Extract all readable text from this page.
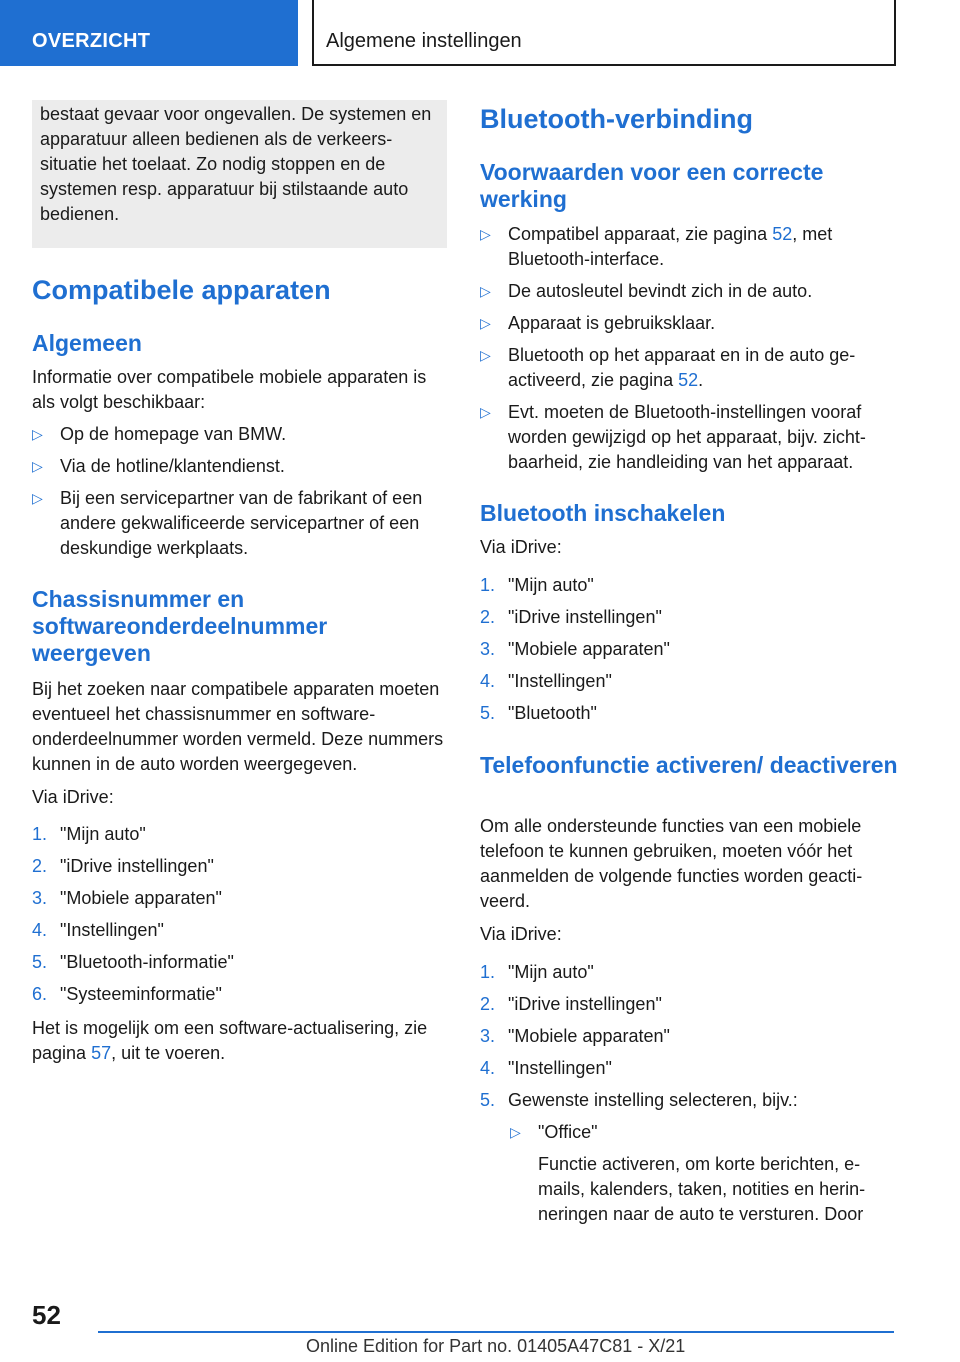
OVERZICHT	Algemene instellingen
bestaat gevaar voor ongevallen. De systemen en apparatuur alleen bedienen als de verkeerssituatie het toelaat. Zo nodig stoppen en de systemen resp. apparatuur bij stilstaande auto bedienen.
Compatibele apparaten
Algemeen
Informatie over compatibele mobiele apparaten is als volgt beschikbaar:
▷ Op de homepage van BMW.
▷ Via de hotline/klantendienst.
▷ Bij een servicepartner van de fabrikant of een andere gekwalificeerde servicepartner of een deskundige werkplaats.
Chassisnummer en softwareonderdeelnummer weergeven
Bij het zoeken naar compatibele apparaten moeten eventueel het chassisnummer en softwareonderdeelnummer worden vermeld. Deze nummers kunnen in de auto worden weergegeven.
Via iDrive:
1. "Mijn auto"
2. "iDrive instellingen"
3. "Mobiele apparaten"
4. "Instellingen"
5. "Bluetooth-informatie"
6. "Systeeminformatie"
Het is mogelijk om een software-actualisering, zie pagina 57, uit te voeren.
Bluetooth-verbinding
Voorwaarden voor een correcte werking
▷ Compatibel apparaat, zie pagina 52, met Bluetooth-interface.
▷ De autosleutel bevindt zich in de auto.
▷ Apparaat is gebruiksklaar.
▷ Bluetooth op het apparaat en in de auto geactiveerd, zie pagina 52.
▷ Evt. moeten de Bluetooth-instellingen vooraf worden gewijzigd op het apparaat, bijv. zichtbaarheid, zie handleiding van het apparaat.
Bluetooth inschakelen
Via iDrive:
1. "Mijn auto"
2. "iDrive instellingen"
3. "Mobiele apparaten"
4. "Instellingen"
5. "Bluetooth"
Telefoonfunctie activeren/ deactiveren
Om alle ondersteunde functies van een mobiele telefoon te kunnen gebruiken, moeten vóór het aanmelden de volgende functies worden geactiveerd.
Via iDrive:
1. "Mijn auto"
2. "iDrive instellingen"
3. "Mobiele apparaten"
4. "Instellingen"
5. Gewenste instelling selecteren, bijv.:
▷ "Office"
Functie activeren, om korte berichten, e-mails, kalenders, taken, notities en herinneringen naar de auto te versturen. Door
52
Online Edition for Part no. 01405A47C81 - X/21
